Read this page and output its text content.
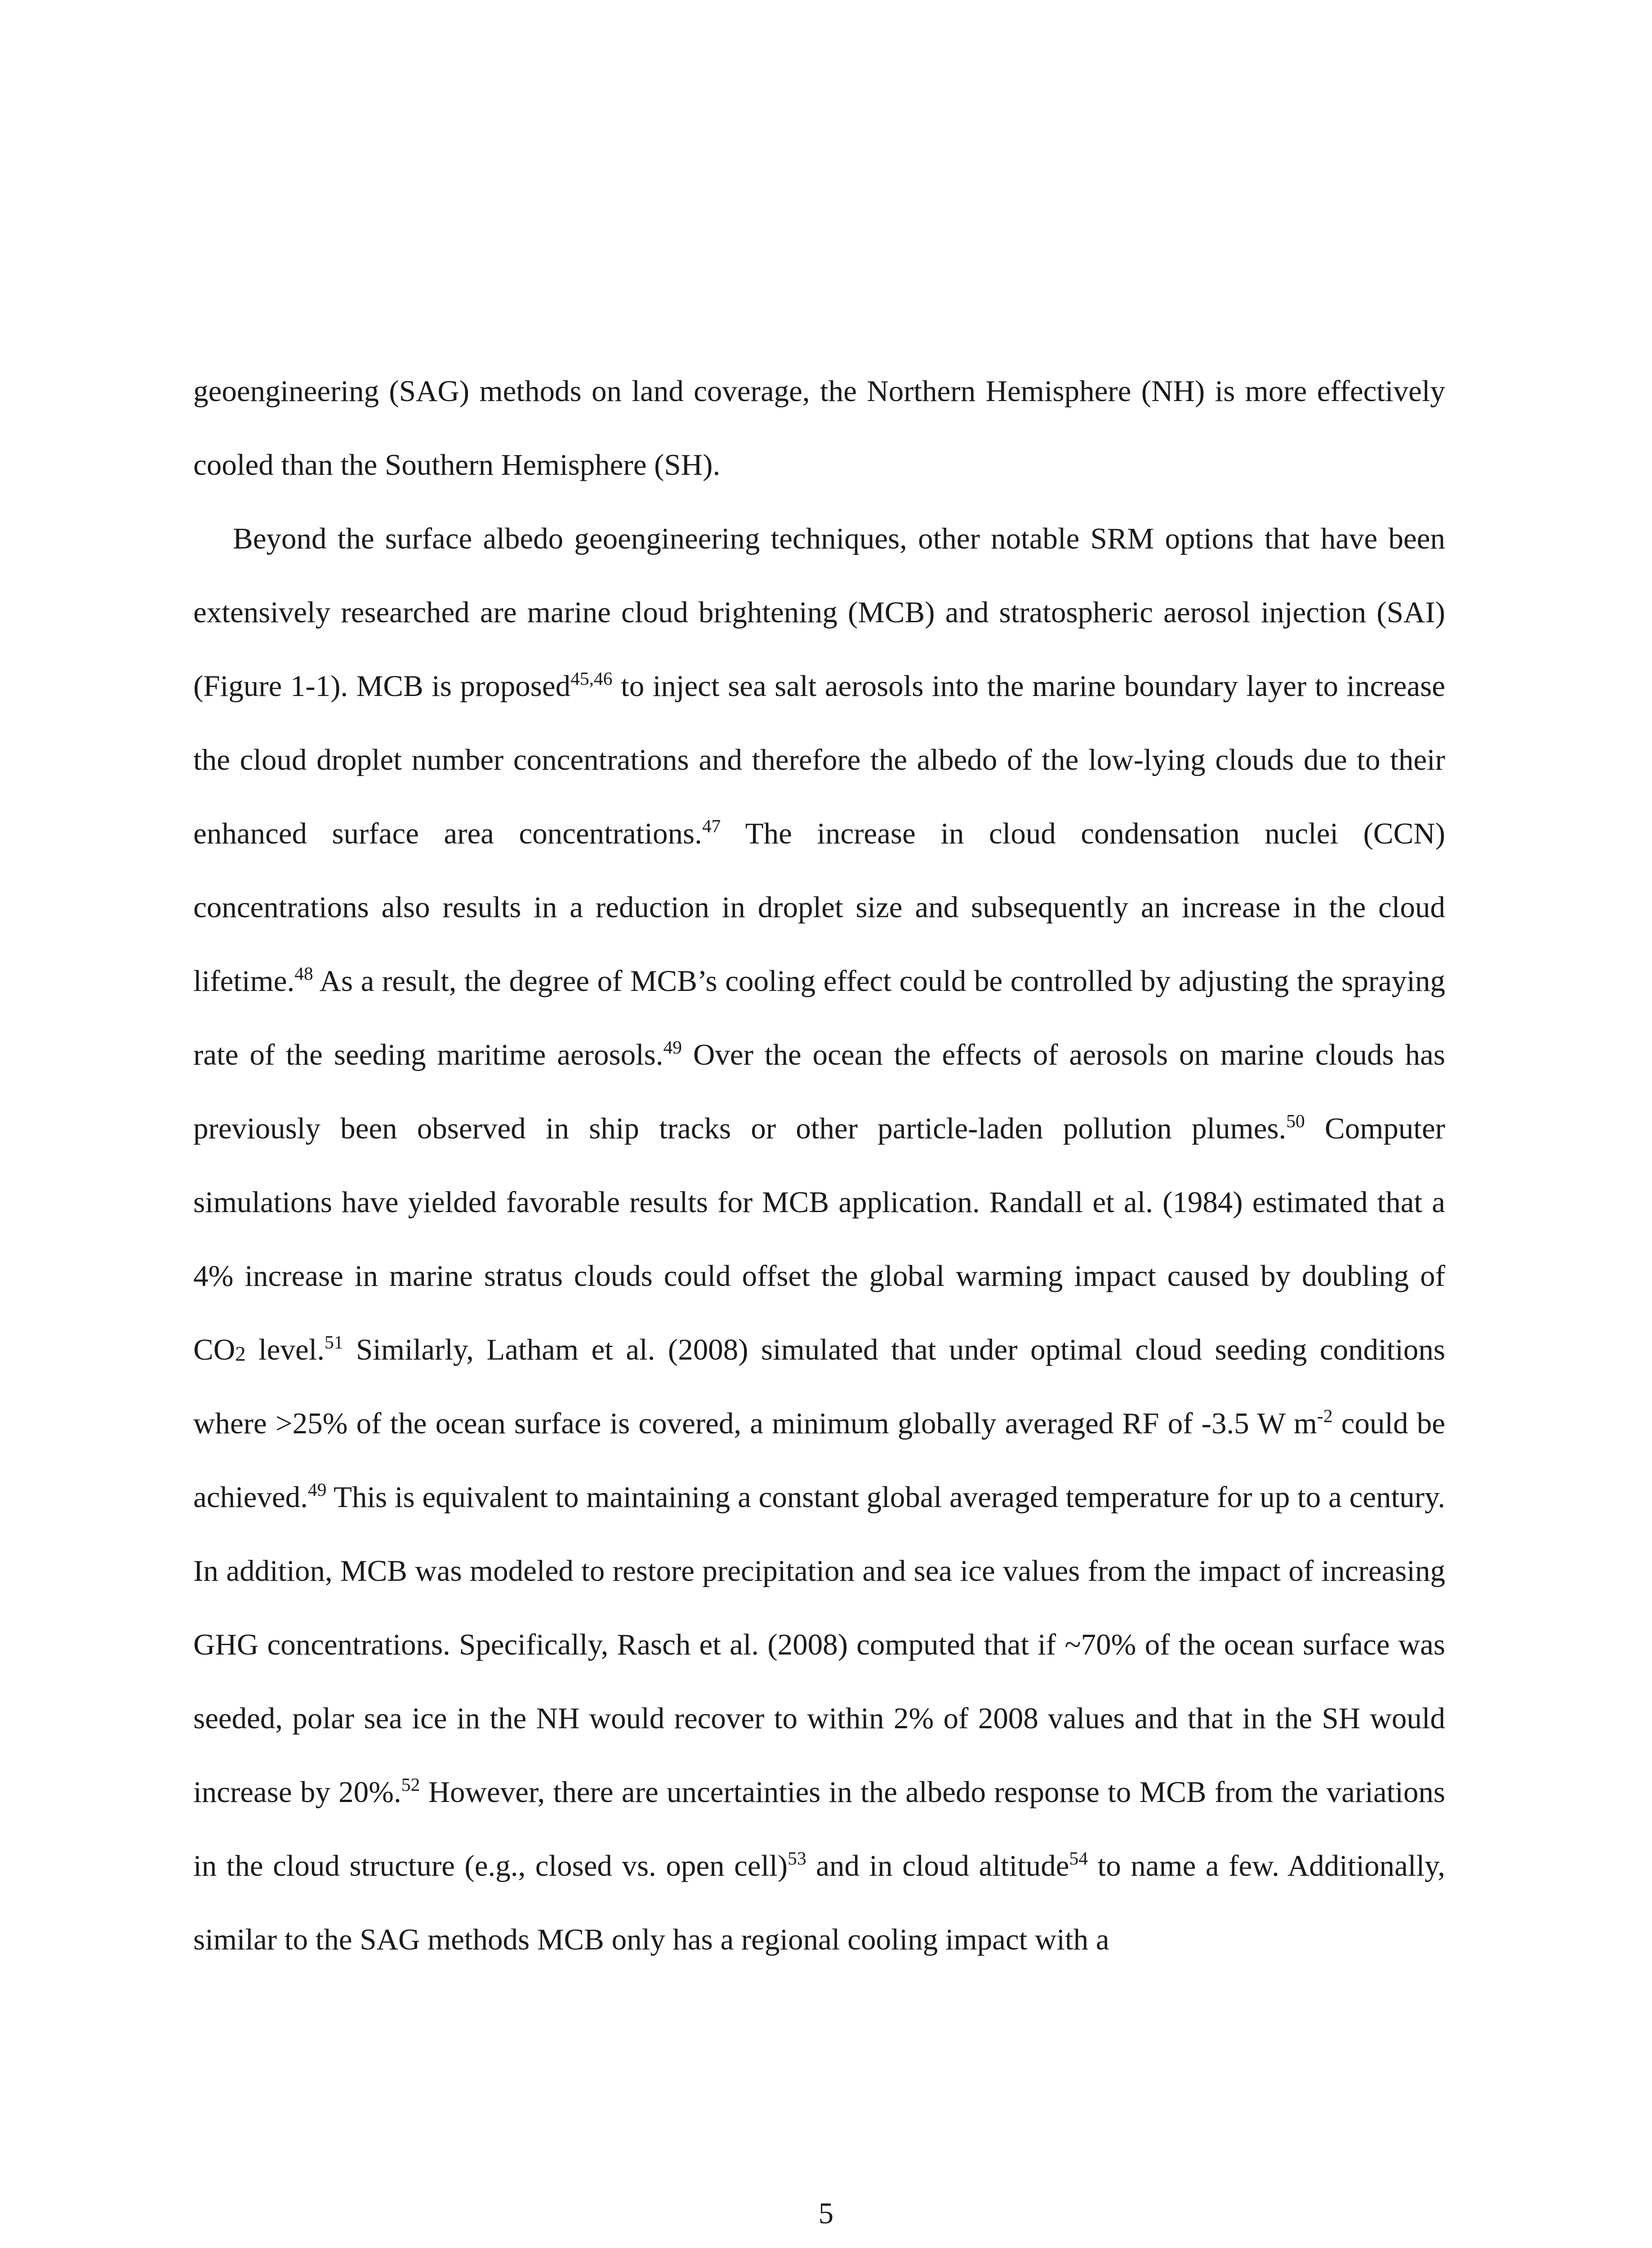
geoengineering (SAG) methods on land coverage, the Northern Hemisphere (NH) is more effectively cooled than the Southern Hemisphere (SH).

Beyond the surface albedo geoengineering techniques, other notable SRM options that have been extensively researched are marine cloud brightening (MCB) and stratospheric aerosol injection (SAI) (Figure 1-1). MCB is proposed$^{45,46}$ to inject sea salt aerosols into the marine boundary layer to increase the cloud droplet number concentrations and therefore the albedo of the low-lying clouds due to their enhanced surface area concentrations.$^{47}$ The increase in cloud condensation nuclei (CCN) concentrations also results in a reduction in droplet size and subsequently an increase in the cloud lifetime.$^{48}$ As a result, the degree of MCB’s cooling effect could be controlled by adjusting the spraying rate of the seeding maritime aerosols.$^{49}$ Over the ocean the effects of aerosols on marine clouds has previously been observed in ship tracks or other particle-laden pollution plumes.$^{50}$ Computer simulations have yielded favorable results for MCB application. Randall et al. (1984) estimated that a 4% increase in marine stratus clouds could offset the global warming impact caused by doubling of $CO_2$ level.$^{51}$ Similarly, Latham et al. (2008) simulated that under optimal cloud seeding conditions where >25% of the ocean surface is covered, a minimum globally averaged RF of -3.5 W $m^{-2}$ could be achieved.$^{49}$ This is equivalent to maintaining a constant global averaged temperature for up to a century. In addition, MCB was modeled to restore precipitation and sea ice values from the impact of increasing GHG concentrations. Specifically, Rasch et al. (2008) computed that if ~70% of the ocean surface was seeded, polar sea ice in the NH would recover to within 2% of 2008 values and that in the SH would increase by 20%.$^{52}$ However, there are uncertainties in the albedo response to MCB from the variations in the cloud structure (e.g., closed vs. open cell)$^{53}$ and in cloud altitude$^{54}$ to name a few. Additionally, similar to the SAG methods MCB only has a regional cooling impact with a

5
